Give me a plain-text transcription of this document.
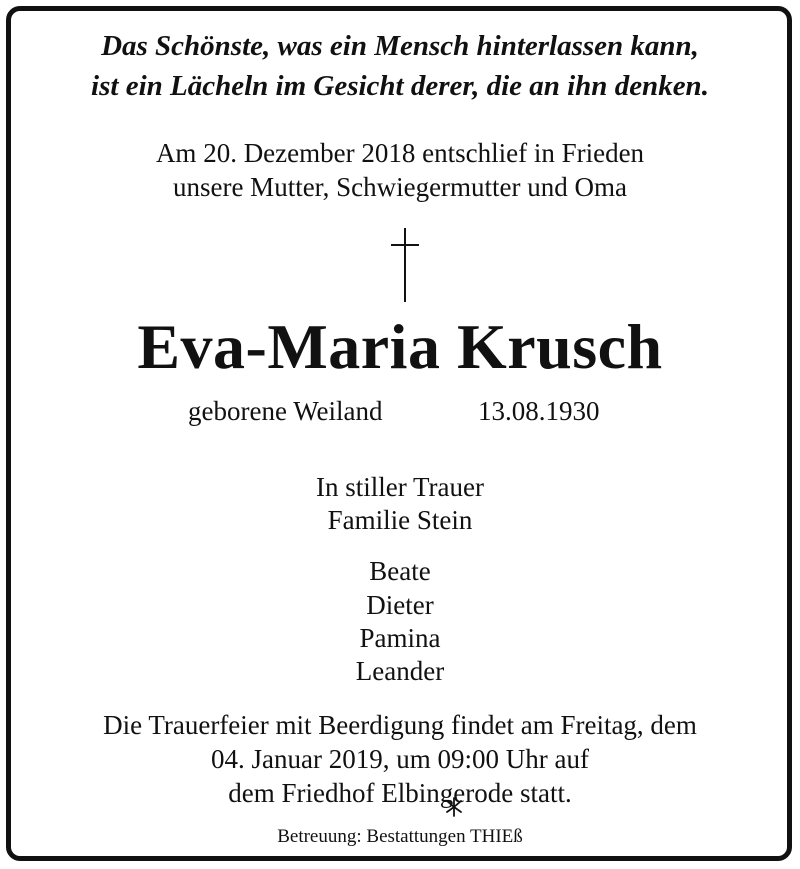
Das Schönste, was ein Mensch hinterlassen kann,
ist ein Lächeln im Gesicht derer, die an ihn denken.
Am 20. Dezember 2018 entschlief in Frieden
unsere Mutter, Schwiegermutter und Oma
Eva-Maria Krusch
geborene Weiland	13.08.1930
In stiller Trauer
Familie Stein
Beate
Dieter
Pamina
Leander
Die Trauerfeier mit Beerdigung findet am Freitag, dem
04. Januar 2019, um 09:00 Uhr auf
dem Friedhof Elbingerode statt.
Betreuung: Bestattungen THIEß
